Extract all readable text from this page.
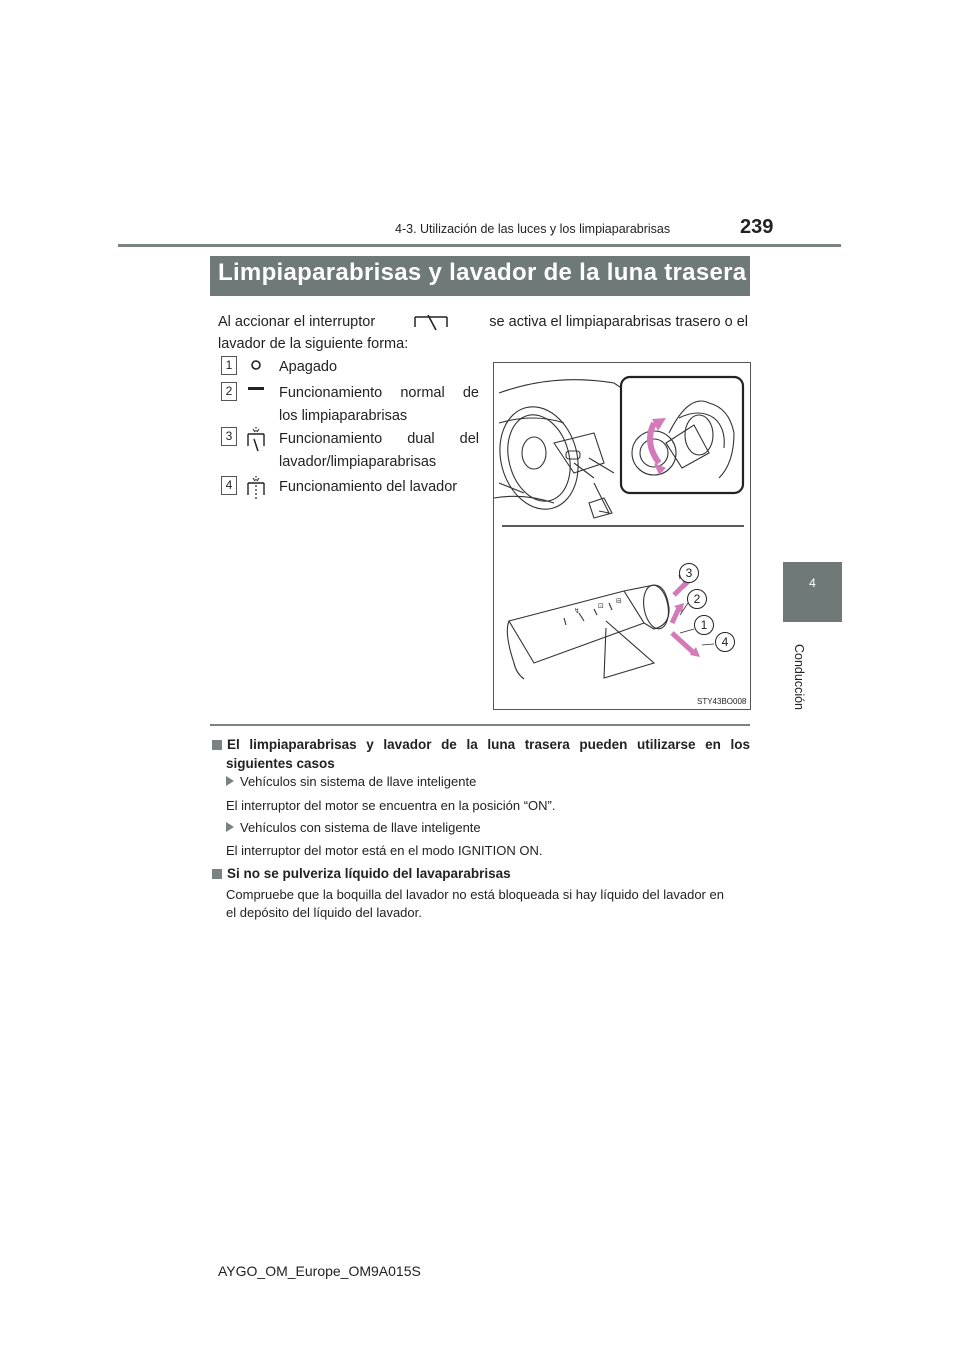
4-3. Utilización de las luces y los limpiaparabrisas	239
4
Conducción
Limpiaparabrisas y lavador de la luna trasera
Al accionar el interruptor	se activa el limpiaparabrisas trasero o el
lavador de la siguiente forma:
1	Apagado
2	Funcionamiento normal de
los limpiaparabrisas
3	Funcionamiento dual del
lavador/limpiaparabrisas
4	Funcionamiento del lavador
↯
⊡
⊟
3
2
1
4
STY43BO008
El limpiaparabrisas y lavador de la luna trasera pueden utilizarse en los
siguientes casos
Vehículos sin sistema de llave inteligente
El interruptor del motor se encuentra en la posición “ON”.
Vehículos con sistema de llave inteligente
El interruptor del motor está en el modo IGNITION ON.
Si no se pulveriza líquido del lavaparabrisas
Compruebe que la boquilla del lavador no está bloqueada si hay líquido del lavador en
el depósito del líquido del lavador.
AYGO_OM_Europe_OM9A015S
